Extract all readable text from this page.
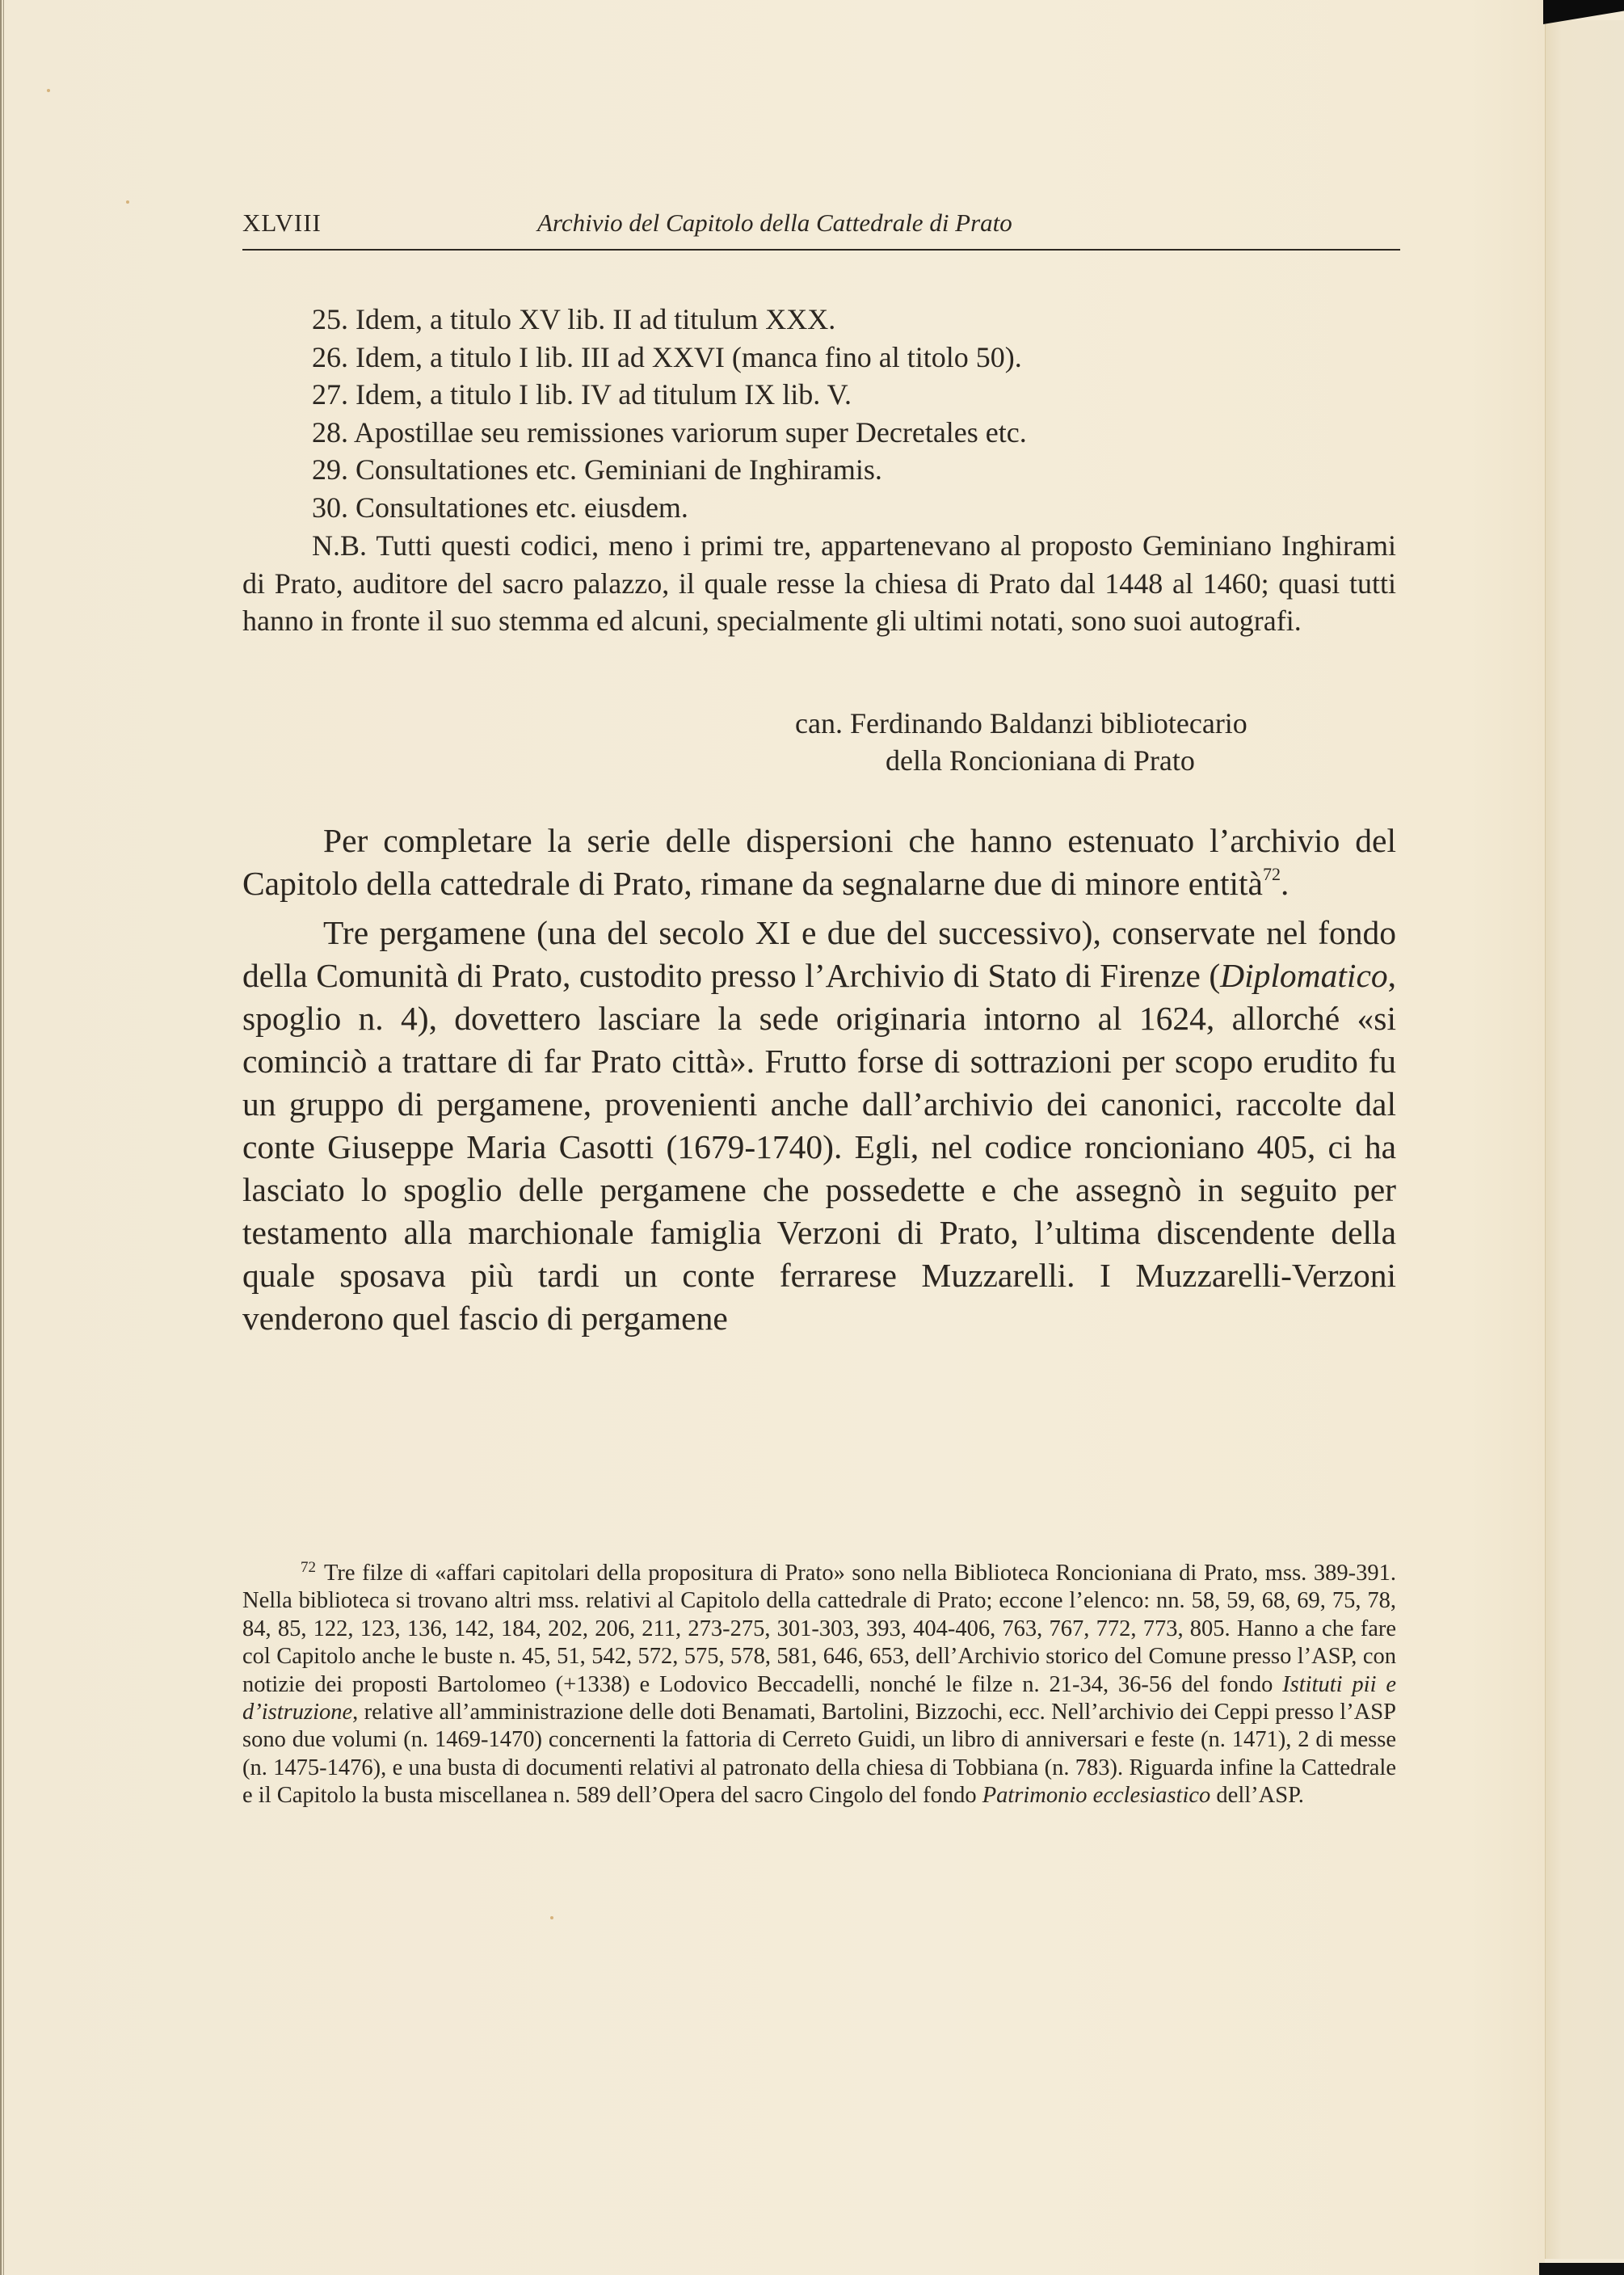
XLVIII	Archivio del Capitolo della Cattedrale di Prato
25. Idem, a titulo XV lib. II ad titulum XXX.
26. Idem, a titulo I lib. III ad XXVI (manca fino al titolo 50).
27. Idem, a titulo I lib. IV ad titulum IX lib. V.
28. Apostillae seu remissiones variorum super Decretales etc.
29. Consultationes etc. Geminiani de Inghiramis.
30. Consultationes etc. eiusdem.
N.B. Tutti questi codici, meno i primi tre, appartenevano al proposto Geminiano Inghirami di Prato, auditore del sacro palazzo, il quale resse la chiesa di Prato dal 1448 al 1460; quasi tutti hanno in fronte il suo stemma ed alcuni, specialmente gli ultimi notati, sono suoi autografi.
can. Ferdinando Baldanzi bibliotecario
della Roncioniana di Prato

Per completare la serie delle dispersioni che hanno estenuato l’archivio del Capitolo della cattedrale di Prato, rimane da segnalarne due di minore entità$^{72}$.

Tre pergamene (una del secolo XI e due del successivo), conservate nel fondo della Comunità di Prato, custodito presso l’Archivio di Stato di Firenze (Diplomatico, spoglio n. 4), dovettero lasciare la sede originaria intorno al 1624, allorché «si cominciò a trattare di far Prato città». Frutto forse di sottrazioni per scopo erudito fu un gruppo di pergamene, provenienti anche dall’archivio dei canonici, raccolte dal conte Giuseppe Maria Casotti (1679-1740). Egli, nel codice roncioniano 405, ci ha lasciato lo spoglio delle pergamene che possedette e che assegnò in seguito per testamento alla marchionale famiglia Verzoni di Prato, l’ultima discendente della quale sposava più tardi un conte ferrarese Muzzarelli. I Muzzarelli-Verzoni venderono quel fascio di pergamene

$^{72}$ Tre filze di «affari capitolari della propositura di Prato» sono nella Biblioteca Roncioniana di Prato, mss. 389-391. Nella biblioteca si trovano altri mss. relativi al Capitolo della cattedrale di Prato; eccone l’elenco: nn. 58, 59, 68, 69, 75, 78, 84, 85, 122, 123, 136, 142, 184, 202, 206, 211, 273-275, 301-303, 393, 404-406, 763, 767, 772, 773, 805. Hanno a che fare col Capitolo anche le buste n. 45, 51, 542, 572, 575, 578, 581, 646, 653, dell’Archivio storico del Comune presso l’ASP, con notizie dei proposti Bartolomeo (+1338) e Lodovico Beccadelli, nonché le filze n. 21-34, 36-56 del fondo Istituti pii e d’istruzione, relative all’amministrazione delle doti Benamati, Bartolini, Bizzochi, ecc. Nell’archivio dei Ceppi presso l’ASP sono due volumi (n. 1469-1470) concernenti la fattoria di Cerreto Guidi, un libro di anniversari e feste (n. 1471), 2 di messe (n. 1475-1476), e una busta di documenti relativi al patronato della chiesa di Tobbiana (n. 783). Riguarda infine la Cattedrale e il Capitolo la busta miscellanea n. 589 dell’Opera del sacro Cingolo del fondo Patrimonio ecclesiastico dell’ASP.
